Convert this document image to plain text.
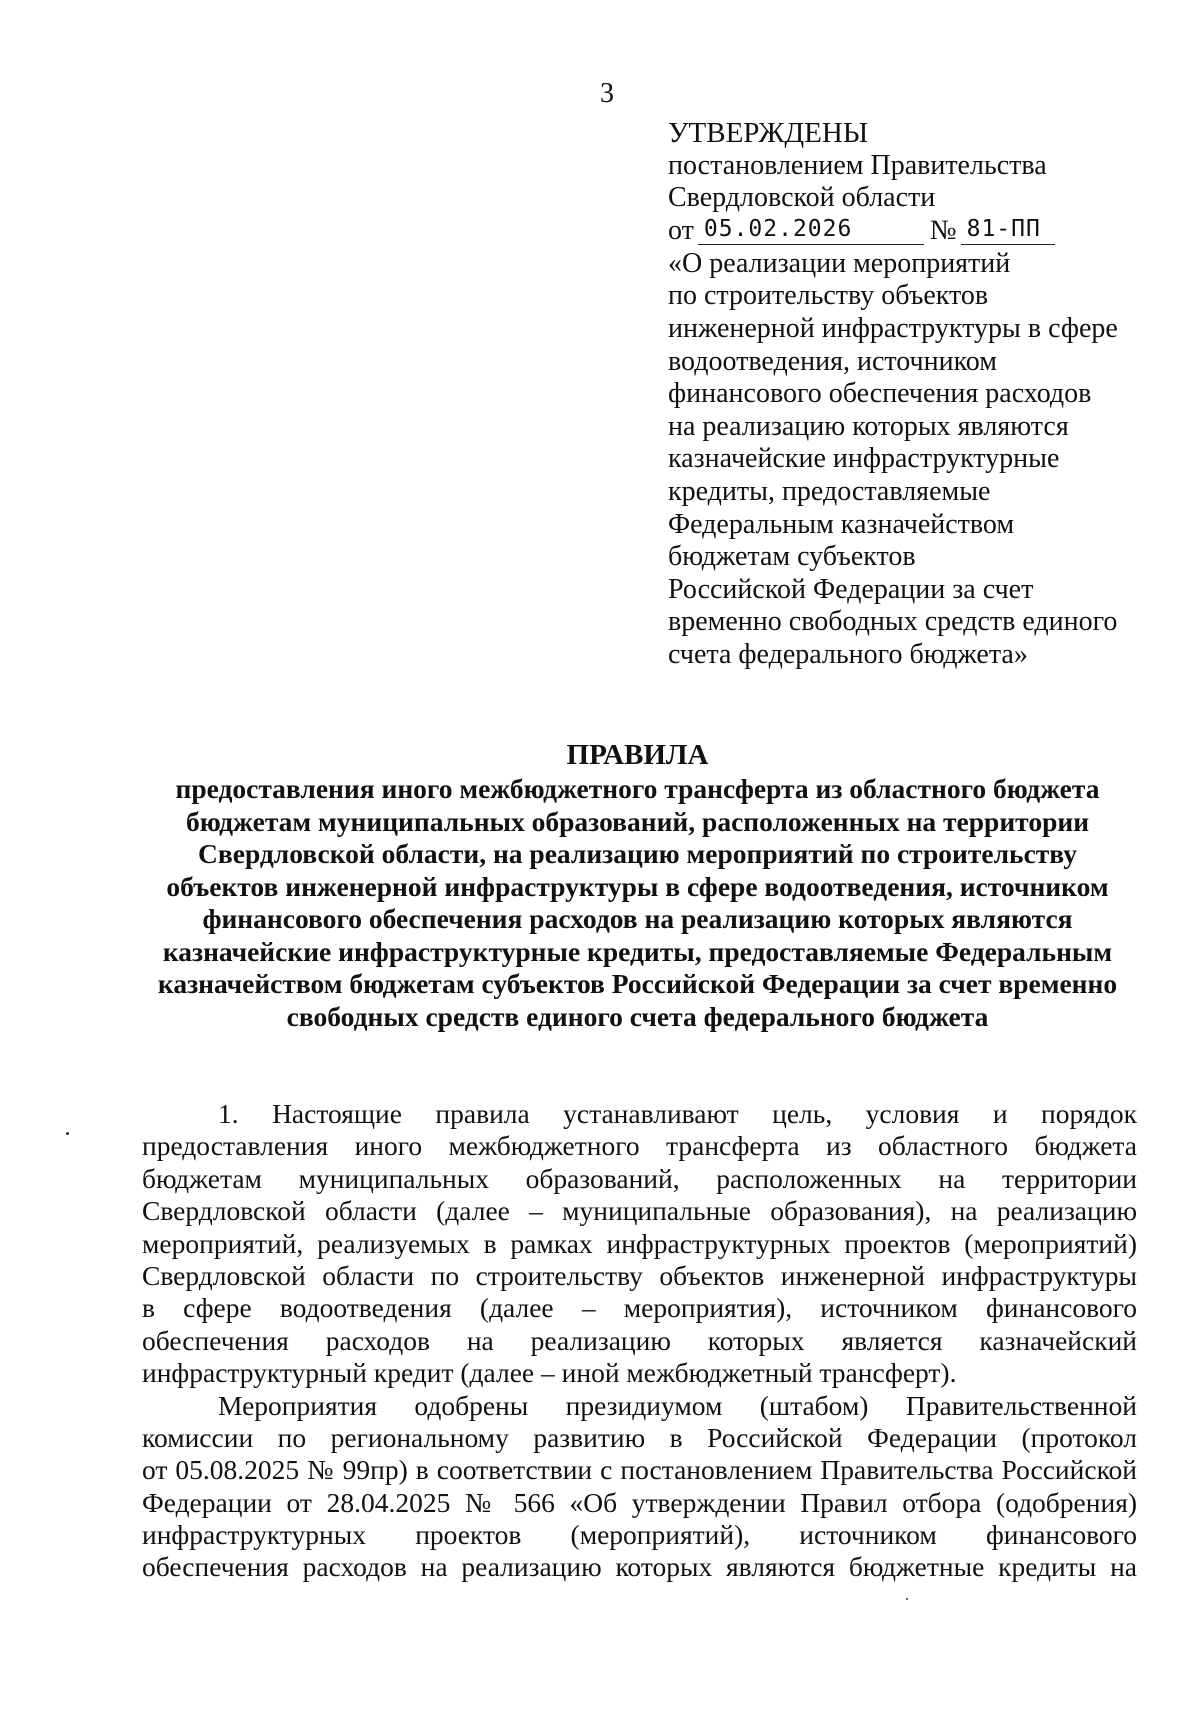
3
УТВЕРЖДЕНЫ
постановлением Правительства
Свердловской области
от 05.02.2026	№ 81-ПП
«О реализации мероприятий
по строительству объектов
инженерной инфраструктуры в сфере
водоотведения, источником
финансового обеспечения расходов
на реализацию которых являются
казначейские инфраструктурные
кредиты, предоставляемые
Федеральным казначейством
бюджетам субъектов
Российской Федерации за счет
временно свободных средств единого
счета федерального бюджета»
ПРАВИЛА
предоставления иного межбюджетного трансферта из областного бюджета
бюджетам муниципальных образований, расположенных на территории
Свердловской области, на реализацию мероприятий по строительству
объектов инженерной инфраструктуры в сфере водоотведения, источником
финансового обеспечения расходов на реализацию которых являются
казначейские инфраструктурные кредиты, предоставляемые Федеральным
казначейством бюджетам субъектов Российской Федерации за счет временно
свободных средств единого счета федерального бюджета
1. Настоящие правила устанавливают цель, условия и порядок
предоставления иного межбюджетного трансферта из областного бюджета
бюджетам муниципальных образований, расположенных на территории
Свердловской области (далее – муниципальные образования), на реализацию
мероприятий, реализуемых в рамках инфраструктурных проектов (мероприятий)
Свердловской области по строительству объектов инженерной инфраструктуры
в сфере водоотведения (далее – мероприятия), источником финансового
обеспечения расходов на реализацию которых является казначейский
инфраструктурный кредит (далее – иной межбюджетный трансферт).
Мероприятия одобрены президиумом (штабом) Правительственной
комиссии по региональному развитию в Российской Федерации (протокол
от 05.08.2025 № 99пр) в соответствии с постановлением Правительства Российской
Федерации от 28.04.2025 № 566 «Об утверждении Правил отбора (одобрения)
инфраструктурных проектов (мероприятий), источником финансового
обеспечения расходов на реализацию которых являются бюджетные кредиты на
